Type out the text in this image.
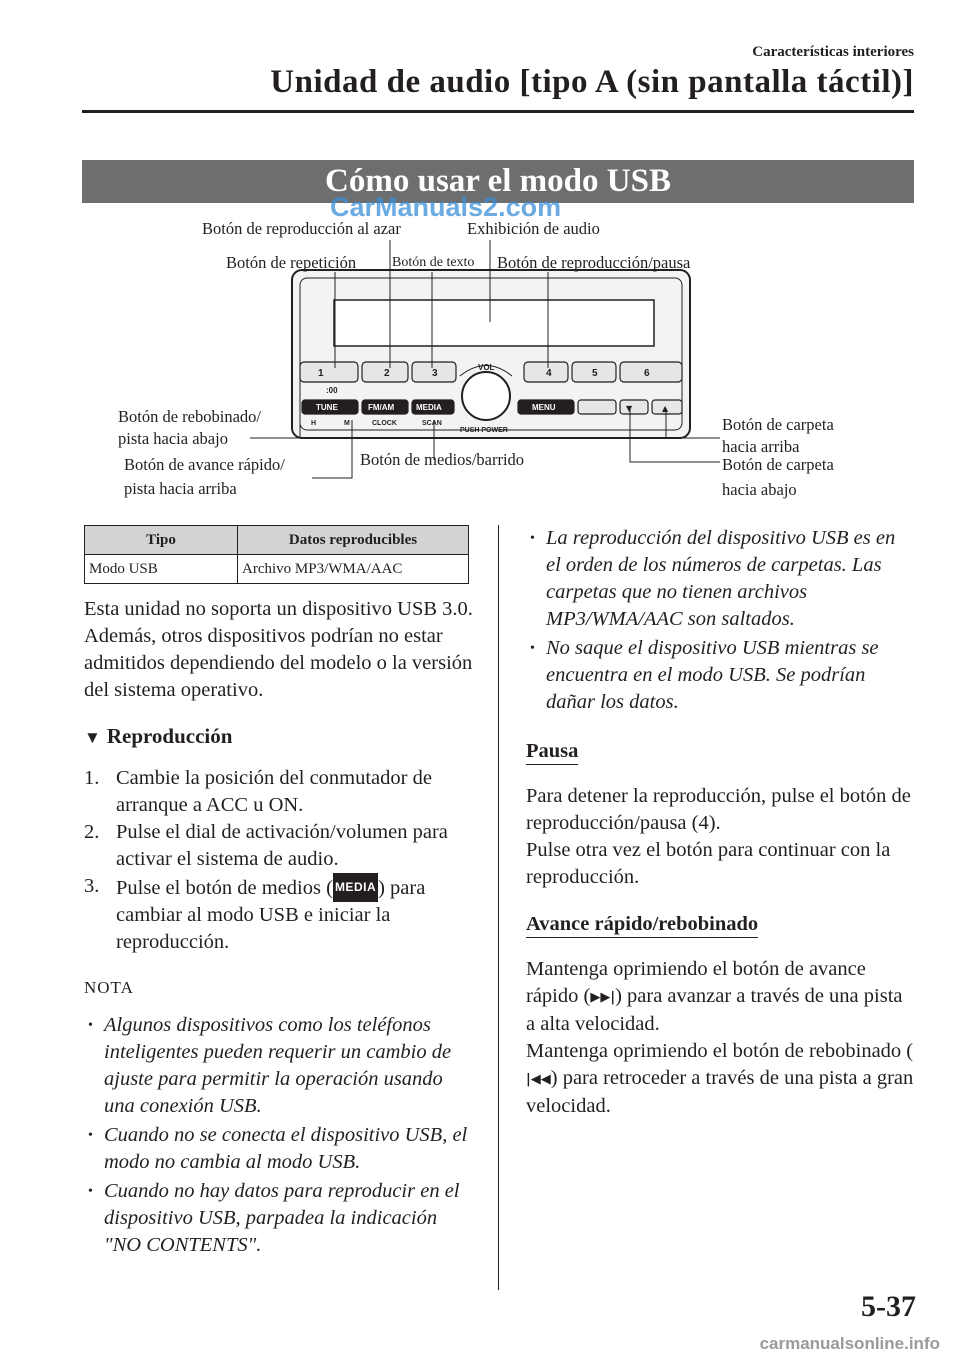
Características interiores
Unidad de audio [tipo A (sin pantalla táctil)]
Cómo usar el modo USB
CarManuals2.com
1	2	3	4	5	6
:00
VOL
TUNE	FM/AM	MEDIA	MENU
H	M	CLOCK	SCAN
PUSH POWER
▼	▲
Botón de reproducción al azar	Exhibición de audio
Botón de repetición	Botón de texto Botón de reproducción/pausa
Botón de rebobinado/
pista hacia abajo
Botón de avance rápido/
pista hacia arriba
Botón de medios/barrido
Botón de carpeta
hacia arriba
Botón de carpeta
hacia abajo
Tipo	Datos reproducibles
Modo USB	Archivo MP3/WMA/AAC

Esta unidad no soporta un dispositivo USB 3.0. Además, otros dispositivos podrían no estar admitidos dependiendo del modelo o la versión del sistema operativo.

▼ Reproducción
1. Cambie la posición del conmutador de arranque a ACC u ON.
2. Pulse el dial de activación/volumen para activar el sistema de audio.
3. Pulse el botón de medios ( MEDIA) para cambiar al modo USB e iniciar la reproducción.
NOTA
• Algunos dispositivos como los teléfonos inteligentes pueden requerir un cambio de ajuste para permitir la operación usando una conexión USB.
• Cuando no se conecta el dispositivo USB, el modo no cambia al modo USB.
• Cuando no hay datos para reproducir en el dispositivo USB, parpadea la indicación "NO CONTENTS".
• La reproducción del dispositivo USB es en el orden de los números de carpetas. Las carpetas que no tienen archivos MP3/WMA/AAC son saltados.
• No saque el dispositivo USB mientras se encuentra en el modo USB. Se podrían dañar los datos.
Pausa

Para detener la reproducción, pulse el botón de reproducción/pausa (4).

Pulse otra vez el botón para continuar con la reproducción.

Avance rápido/rebobinado

Mantenga oprimiendo el botón de avance rápido (▶▶|) para avanzar a través de una pista a alta velocidad.

Mantenga oprimiendo el botón de rebobinado (|◀◀) para retroceder a través de una pista a gran velocidad.

5-37
carmanualsonline.info
